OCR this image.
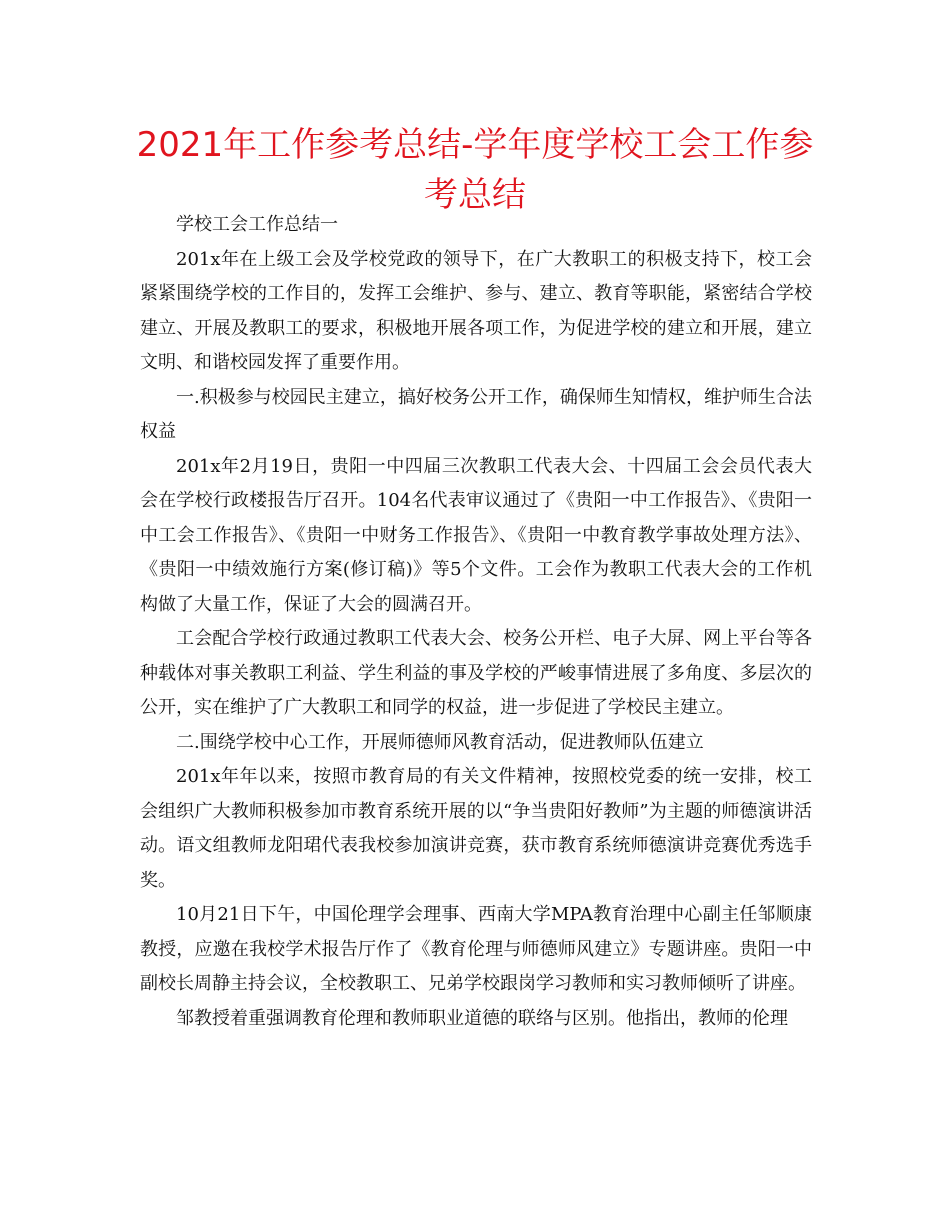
2021年工作参考总结-学年度学校工会工作参考总结

学校工会工作总结一

201x年在上级工会及学校党政的领导下，在广大教职工的积极支持下，校工会紧紧围绕学校的工作目的，发挥工会维护、参与、建立、教育等职能，紧密结合学校建立、开展及教职工的要求，积极地开展各项工作，为促进学校的建立和开展，建立文明、和谐校园发挥了重要作用。

一.积极参与校园民主建立，搞好校务公开工作，确保师生知情权，维护师生合法权益

201x年2月19日，贵阳一中四届三次教职工代表大会、十四届工会会员代表大会在学校行政楼报告厅召开。104名代表审议通过了《贵阳一中工作报告》、《贵阳一中工会工作报告》、《贵阳一中财务工作报告》、《贵阳一中教育教学事故处理方法》、《贵阳一中绩效施行方案(修订稿)》等5个文件。工会作为教职工代表大会的工作机构做了大量工作，保证了大会的圆满召开。

工会配合学校行政通过教职工代表大会、校务公开栏、电子大屏、网上平台等各种载体对事关教职工利益、学生利益的事及学校的严峻事情进展了多角度、多层次的公开，实在维护了广大教职工和同学的权益，进一步促进了学校民主建立。

二.围绕学校中心工作，开展师德师风教育活动，促进教师队伍建立

201x年年以来，按照市教育局的有关文件精神，按照校党委的统一安排，校工会组织广大教师积极参加市教育系统开展的以“争当贵阳好教师”为主题的师德演讲活动。语文组教师龙阳珺代表我校参加演讲竞赛，获市教育系统师德演讲竞赛优秀选手奖。

10月21日下午，中国伦理学会理事、西南大学MPA教育治理中心副主任邹顺康教授，应邀在我校学术报告厅作了《教育伦理与师德师风建立》专题讲座。贵阳一中副校长周静主持会议，全校教职工、兄弟学校跟岗学习教师和实习教师倾听了讲座。

邹教授着重强调教育伦理和教师职业道德的联络与区别。他指出，教师的伦理
